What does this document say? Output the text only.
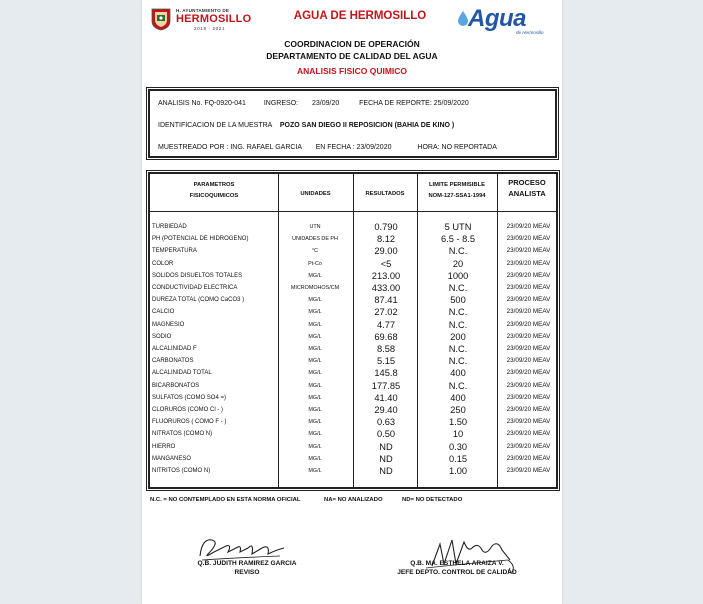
H. AYUNTAMIENTO DE
HERMOSILLO
2018 · 2021
AGUA DE HERMOSILLO	Agua
de Hermosillo
COORDINACION DE OPERACIÓN
DEPARTAMENTO DE CALIDAD DEL AGUA
ANALISIS FISICO QUIMICO
ANALISIS No. FQ-0920-041	INGRESO: 23/09/20	FECHA DE REPORTE: 25/09/2020
IDENTIFICACION DE LA MUESTRA POZO SAN DIEGO II REPOSICION (BAHIA DE KINO )
MUESTREADO POR : ING. RAFAEL GARCIA EN FECHA : 23/09/2020	HORA: NO REPORTADA
PARAMETROS
FISICOQUIMICOS	UNIDADES	RESULTADOS
LIMITE PERMISIBLE
NOM-127-SSA1-1994
PROCESO
ANALISTA
TURBIEDAD	UTN	0.790	5 UTN	23/09/20 MEAV
PH (POTENCIAL DE HIDROGENO)	UNIDADES DE PH	8.12	6.5 - 8.5	23/09/20 MEAV
TEMPERATURA	°C	29.00	N.C.	23/09/20 MEAV
COLOR	Pt-Co	<5	20	23/09/20 MEAV
SOLIDOS DISUELTOS TOTALES	MG/L	213.00	1000	23/09/20 MEAV
CONDUCTIVIDAD ELECTRICA	MICROMOHOS/CM	433.00	N.C.	23/09/20 MEAV
DUREZA TOTAL (COMO CaCO3 )	MG/L	87.41	500	23/09/20 MEAV
CALCIO	MG/L	27.02	N.C.	23/09/20 MEAV
MAGNESIO	MG/L	4.77	N.C.	23/09/20 MEAV
SODIO	MG/L	69.68	200	23/09/20 MEAV
ALCALINIDAD F	MG/L	8.58	N.C.	23/09/20 MEAV
CARBONATOS	MG/L	5.15	N.C.	23/09/20 MEAV
ALCALINIDAD TOTAL	MG/L	145.8	400	23/09/20 MEAV
BICARBONATOS	MG/L	177.85	N.C.	23/09/20 MEAV
SULFATOS (COMO SO4 =)	MG/L	41.40	400	23/09/20 MEAV
CLORUROS (COMO Cl - )	MG/L	29.40	250	23/09/20 MEAV
FLUORUROS ( COMO F - )	MG/L	0.63	1.50	23/09/20 MEAV
NITRATOS (COMO N)	MG/L	0.50	10	23/09/20 MEAV
HIERRO	MG/L	ND	0.30	23/09/20 MEAV
MANGANESO	MG/L	ND	0.15	23/09/20 MEAV
NITRITOS (COMO N)	MG/L	ND	1.00	23/09/20 MEAV
N.C. = NO CONTEMPLADO EN ESTA NORMA OFICIAL	NA= NO ANALIZADO	ND= NO DETECTADO
Q.B. JUDITH RAMIREZ GARCIA
REVISO
Q.B. MA. ESTHELA ARAIZA V.
JEFE DEPTO. CONTROL DE CALIDAD
